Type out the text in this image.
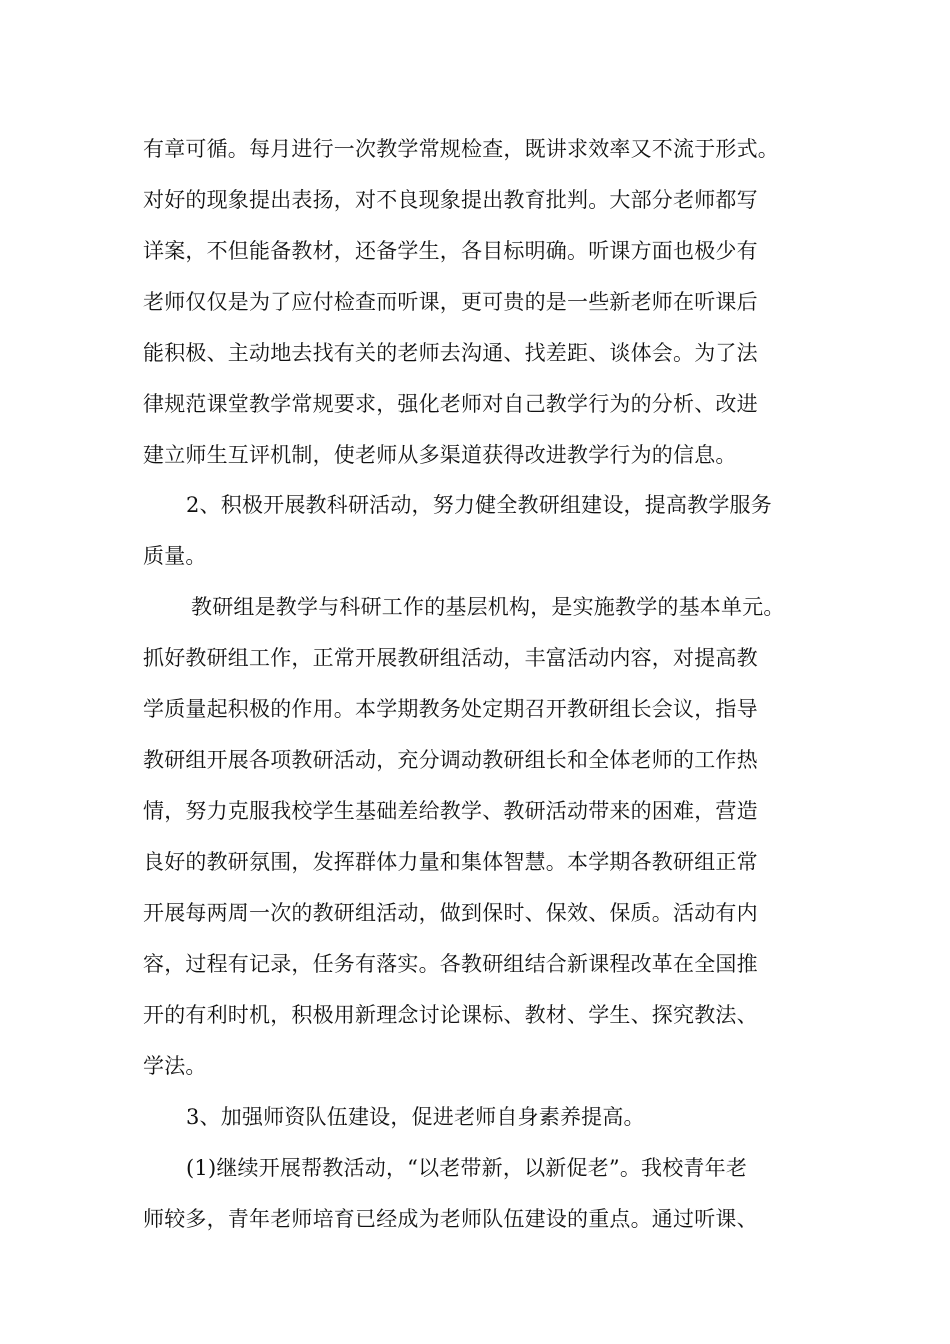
有章可循。每月进行一次教学常规检查，既讲求效率又不流于形式。
对好的现象提出表扬，对不良现象提出教育批判。大部分老师都写
详案，不但能备教材，还备学生，各目标明确。听课方面也极少有
老师仅仅是为了应付检查而听课，更可贵的是一些新老师在听课后
能积极、主动地去找有关的老师去沟通、找差距、谈体会。为了法
律规范课堂教学常规要求，强化老师对自己教学行为的分析、改进
建立师生互评机制，使老师从多渠道获得改进教学行为的信息。
2、积极开展教科研活动，努力健全教研组建设，提高教学服务
质量。
教研组是教学与科研工作的基层机构，是实施教学的基本单元。
抓好教研组工作，正常开展教研组活动，丰富活动内容，对提高教
学质量起积极的作用。本学期教务处定期召开教研组长会议，指导
教研组开展各项教研活动，充分调动教研组长和全体老师的工作热
情，努力克服我校学生基础差给教学、教研活动带来的困难，营造
良好的教研氛围，发挥群体力量和集体智慧。本学期各教研组正常
开展每两周一次的教研组活动，做到保时、保效、保质。活动有内
容，过程有记录，任务有落实。各教研组结合新课程改革在全国推
开的有利时机，积极用新理念讨论课标、教材、学生、探究教法、
学法。
3、加强师资队伍建设，促进老师自身素养提高。
(1)继续开展帮教活动，“以老带新，以新促老”。我校青年老
师较多，青年老师培育已经成为老师队伍建设的重点。通过听课、
